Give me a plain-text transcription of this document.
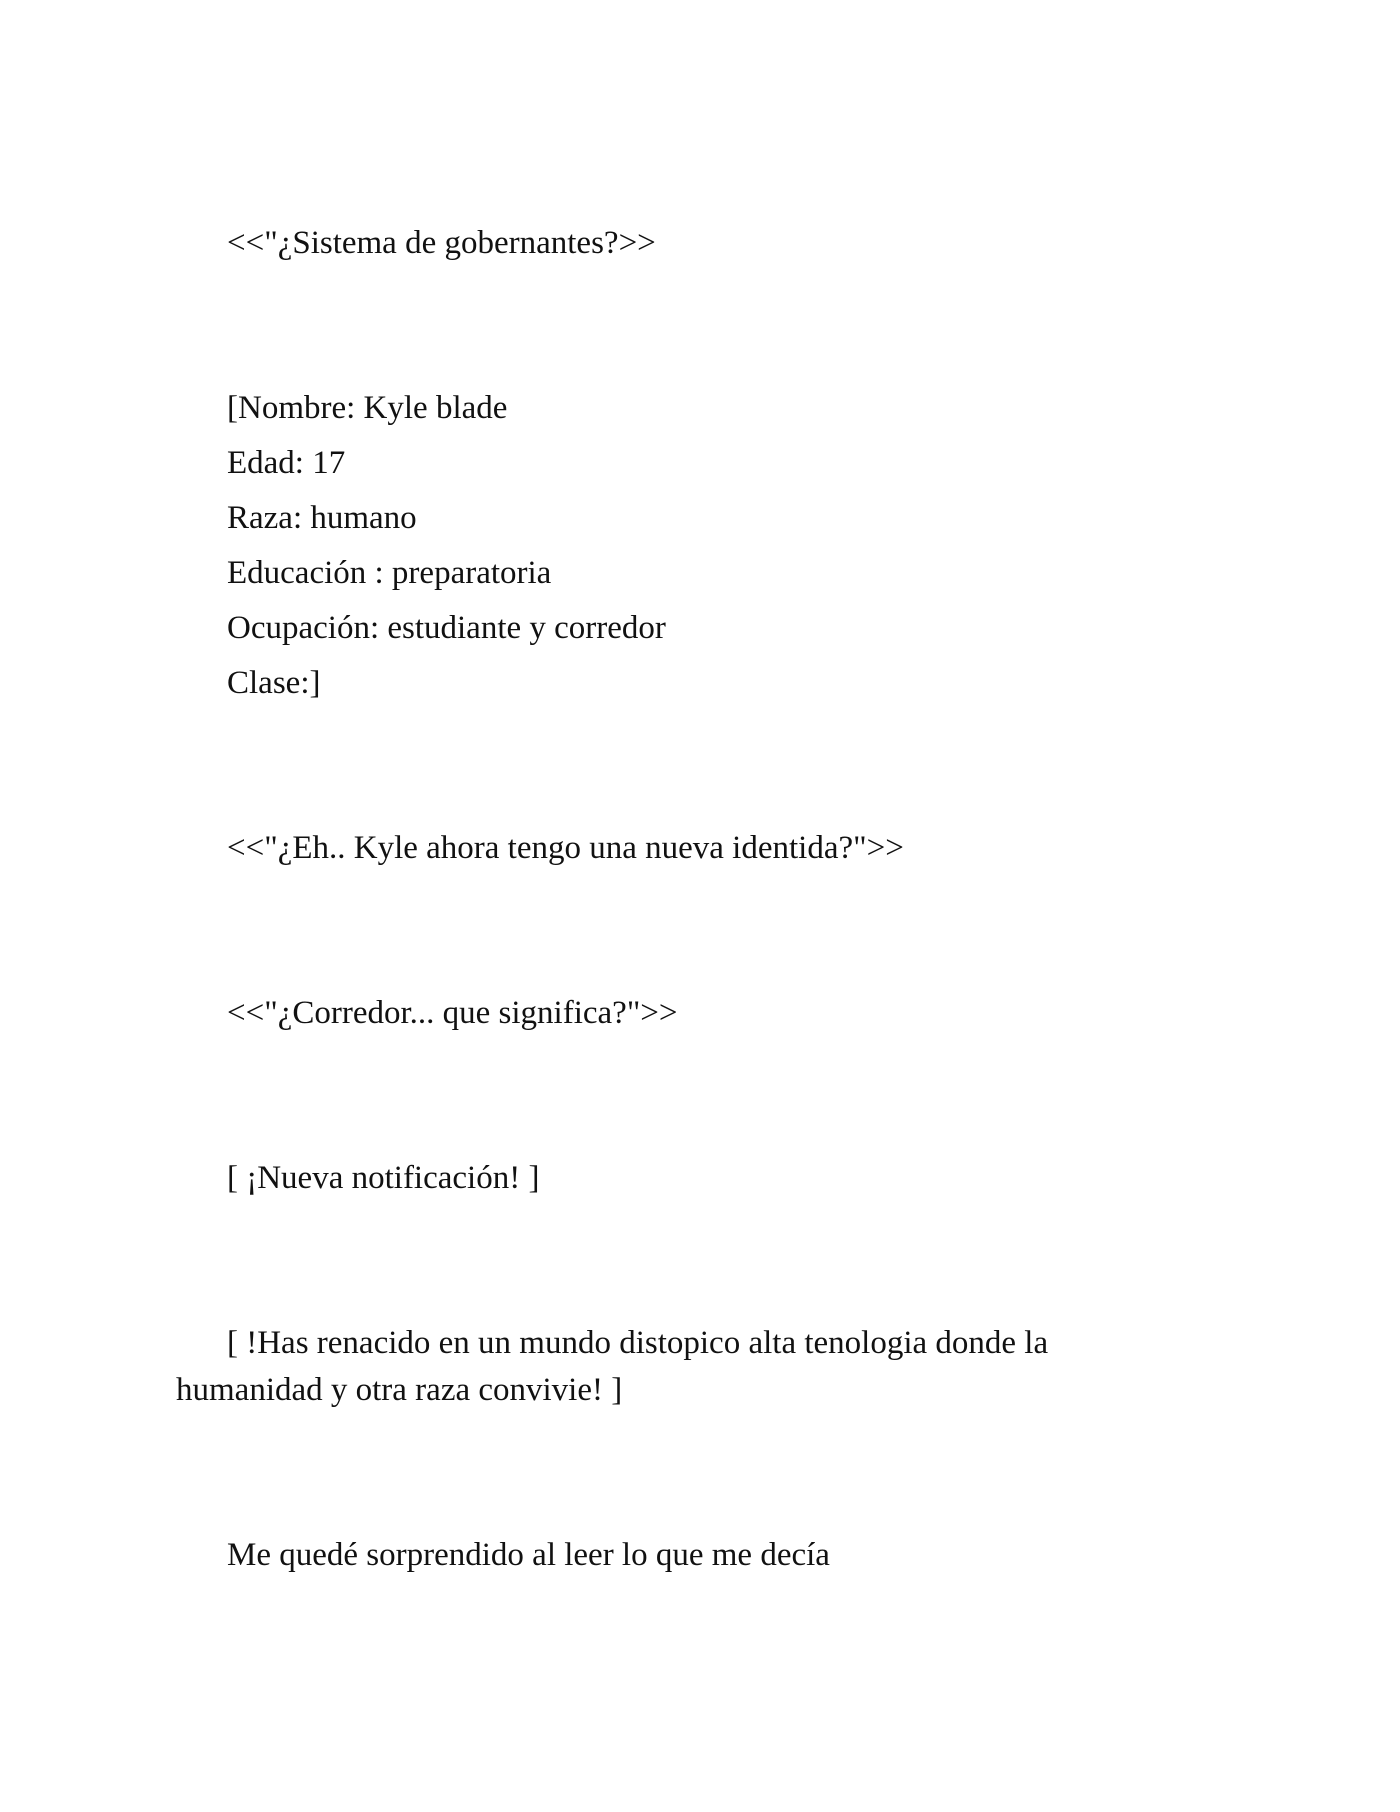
<<"¿Sistema de gobernantes?>>
[Nombre: Kyle blade
Edad: 17
Raza: humano
Educación : preparatoria
Ocupación: estudiante y corredor
Clase:]
<<"¿Eh.. Kyle ahora tengo una nueva identida?">>
<<"¿Corredor... que significa?">>
[ ¡Nueva notificación! ]
[ !Has renacido en un mundo distopico alta tenologia donde la
humanidad y otra raza convivie! ]
Me quedé sorprendido al leer lo que me decía
